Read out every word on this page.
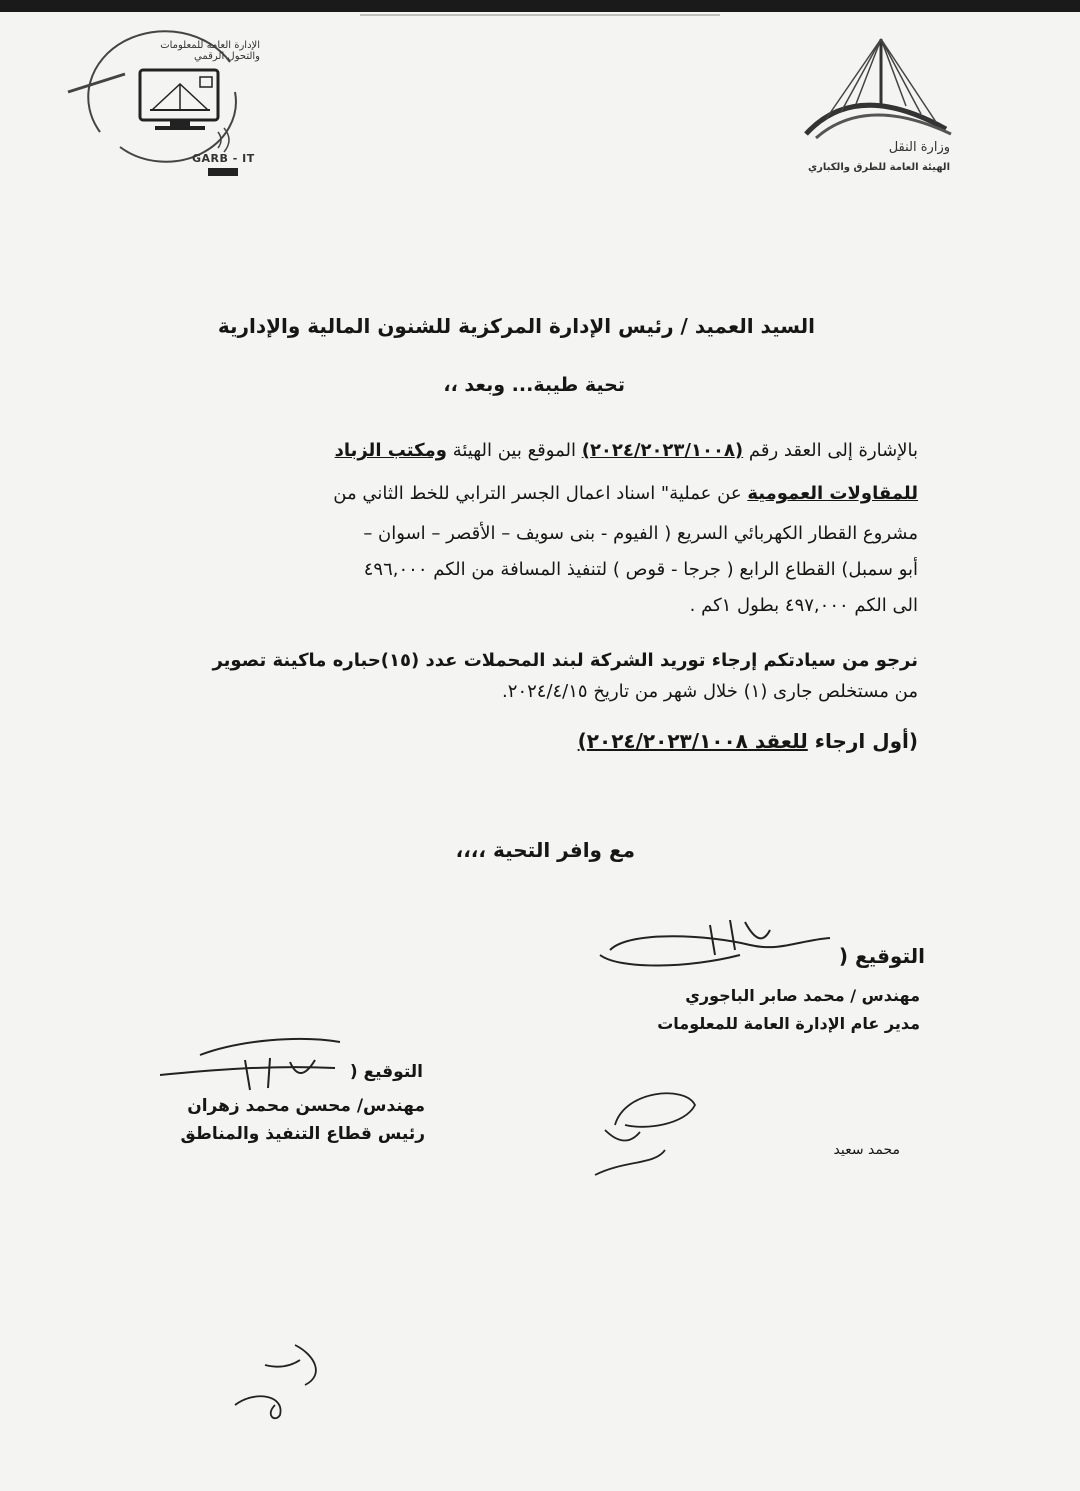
الإدارة العامة للمعلومات والتحول الرقمي
GARB - IT
وزارة النقل
الهيئة العامة للطرق والكباري
السيد العميد / رئيس الإدارة المركزية للشنون المالية والإدارية
تحية طيبة... وبعد ،،
بالإشارة إلى العقد رقم (٢٠٢٤/٢٠٢٣/١٠٠٨) الموقع بين الهيئة ومكتب الزباد
للمقاولات العمومية عن عملية" اسناد اعمال الجسر الترابي للخط الثاني من
مشروع القطار الكهربائي السريع ( الفيوم - بنى سويف – الأقصر – اسوان –
أبو سمبل) القطاع الرابع ( جرجا - قوص ) لتنفيذ المسافة من الكم ٤٩٦,٠٠٠
الى الكم ٤٩٧,٠٠٠ بطول ١كم .
نرجو من سيادتكم إرجاء توريد الشركة لبند المحملات عدد (١٥)حباره ماكينة تصوير
من مستخلص جارى (١) خلال شهر من تاريخ ٢٠٢٤/٤/١٥.
(أول ارجاء للعقد ٢٠٢٤/٢٠٢٣/١٠٠٨)
مع وافر التحية ،،،،
التوقيع (
مهندس / محمد صابر الباجوري
مدير عام الإدارة العامة للمعلومات
التوقيع (
مهندس/ محسن محمد زهران
رئيس قطاع التنفيذ والمناطق
محمد سعيد
